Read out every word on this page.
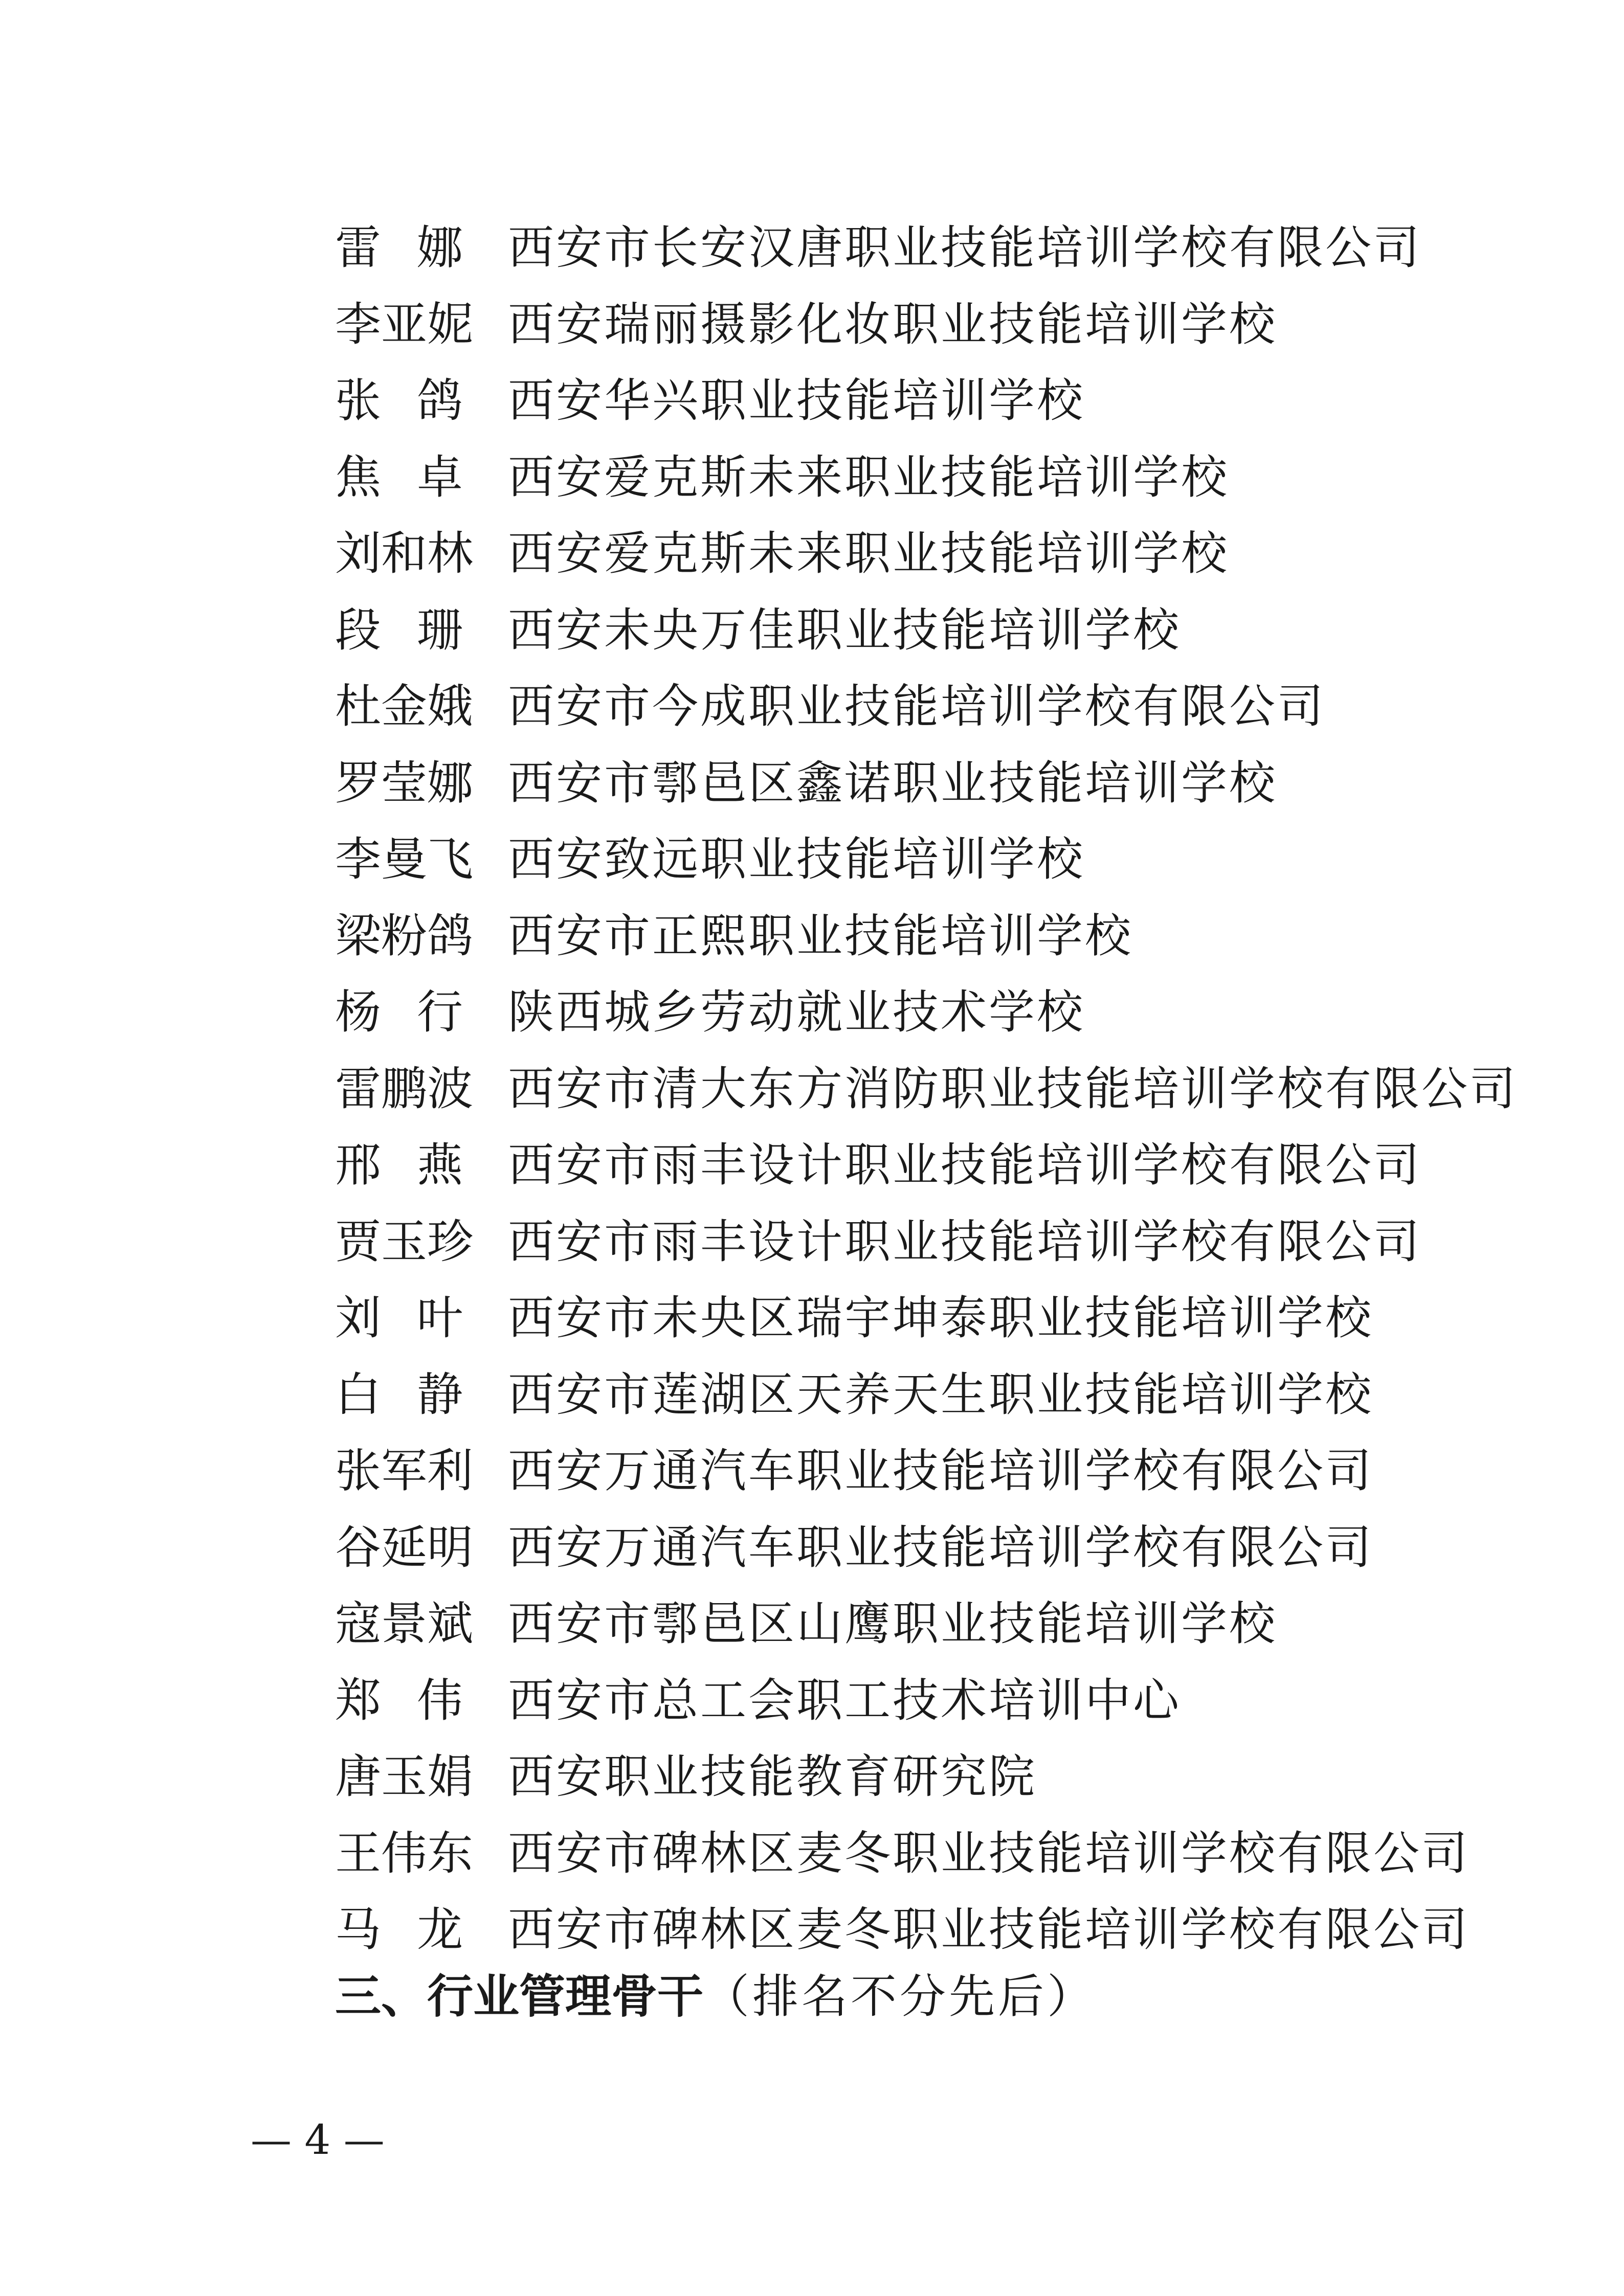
雷 娜 西安市长安汉唐职业技能培训学校有限公司
李 亚 妮 西安瑞丽摄影化妆职业技能培训学校
张 鸽 西安华兴职业技能培训学校
焦 卓 西安爱克斯未来职业技能培训学校
刘 和 林 西安爱克斯未来职业技能培训学校
段 珊 西安未央万佳职业技能培训学校
杜 金 娥 西安市今成职业技能培训学校有限公司
罗 莹 娜 西安市鄠邑区鑫诺职业技能培训学校
李 曼 飞 西安致远职业技能培训学校
梁 粉 鸽 西安市正熙职业技能培训学校
杨 行 陕西城乡劳动就业技术学校
雷 鹏 波 西安市清大东方消防职业技能培训学校有限公司
邢 燕 西安市雨丰设计职业技能培训学校有限公司
贾 玉 珍 西安市雨丰设计职业技能培训学校有限公司
刘 叶 西安市未央区瑞宇坤泰职业技能培训学校
白 静 西安市莲湖区天养天生职业技能培训学校
张 军 利 西安万通汽车职业技能培训学校有限公司
谷 延 明 西安万通汽车职业技能培训学校有限公司
寇 景 斌 西安市鄠邑区山鹰职业技能培训学校
郑 伟 西安市总工会职工技术培训中心
唐 玉 娟 西安职业技能教育研究院
王 伟 东 西安市碑林区麦冬职业技能培训学校有限公司
马 龙 西安市碑林区麦冬职业技能培训学校有限公司
三、行业管理骨干（排名不分先后）
— 4 —
